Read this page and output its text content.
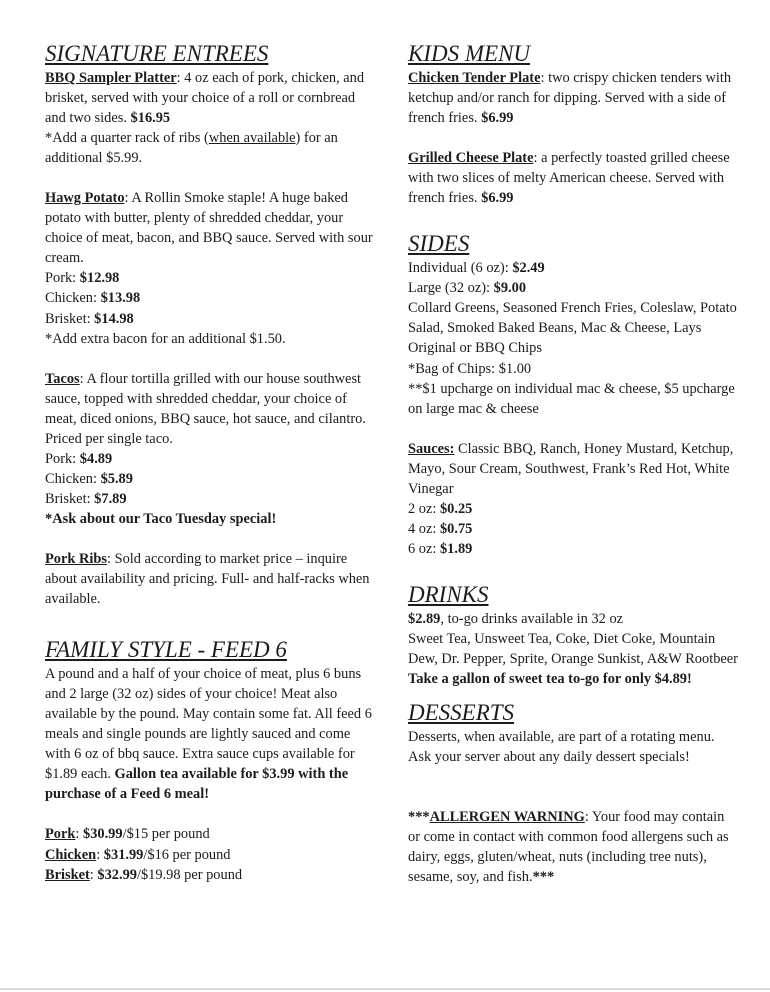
SIGNATURE ENTREES

BBQ Sampler Platter: 4 oz each of pork, chicken, and brisket, served with your choice of a roll or cornbread and two sides. $16.95

*Add a quarter rack of ribs (when available) for an additional $5.99.

Hawg Potato: A Rollin Smoke staple! A huge baked potato with butter, plenty of shredded cheddar, your choice of meat, bacon, and BBQ sauce. Served with sour cream.

Pork: $12.98

Chicken: $13.98

Brisket: $14.98

*Add extra bacon for an additional $1.50.

Tacos: A flour tortilla grilled with our house southwest sauce, topped with shredded cheddar, your choice of meat, diced onions, BBQ sauce, hot sauce, and cilantro. Priced per single taco.

Pork: $4.89

Chicken: $5.89

Brisket: $7.89

*Ask about our Taco Tuesday special!

Pork Ribs: Sold according to market price – inquire about availability and pricing. Full- and half-racks when available.

FAMILY STYLE - FEED 6

A pound and a half of your choice of meat, plus 6 buns and 2 large (32 oz) sides of your choice! Meat also available by the pound. May contain some fat. All feed 6 meals and single pounds are lightly sauced and come with 6 oz of bbq sauce. Extra sauce cups available for $1.89 each. Gallon tea available for $3.99 with the purchase of a Feed 6 meal!

Pork: $30.99/$15 per pound

Chicken: $31.99/$16 per pound

Brisket: $32.99/$19.98 per pound

KIDS MENU

Chicken Tender Plate: two crispy chicken tenders with ketchup and/or ranch for dipping. Served with a side of french fries. $6.99

Grilled Cheese Plate: a perfectly toasted grilled cheese with two slices of melty American cheese. Served with french fries. $6.99

SIDES

Individual (6 oz): $2.49

Large (32 oz): $9.00

Collard Greens, Seasoned French Fries, Coleslaw, Potato Salad, Smoked Baked Beans, Mac & Cheese, Lays Original or BBQ Chips

*Bag of Chips: $1.00

**$1 upcharge on individual mac & cheese, $5 upcharge on large mac & cheese

Sauces: Classic BBQ, Ranch, Honey Mustard, Ketchup, Mayo, Sour Cream, Southwest, Frank’s Red Hot, White Vinegar

2 oz: $0.25

4 oz: $0.75

6 oz: $1.89

DRINKS

$2.89, to-go drinks available in 32 oz

Sweet Tea, Unsweet Tea, Coke, Diet Coke, Mountain Dew, Dr. Pepper, Sprite, Orange Sunkist, A&W Rootbeer

Take a gallon of sweet tea to-go for only $4.89!

DESSERTS

Desserts, when available, are part of a rotating menu. Ask your server about any daily dessert specials!

***ALLERGEN WARNING: Your food may contain or come in contact with common food allergens such as dairy, eggs, gluten/wheat, nuts (including tree nuts), sesame, soy, and fish.***
